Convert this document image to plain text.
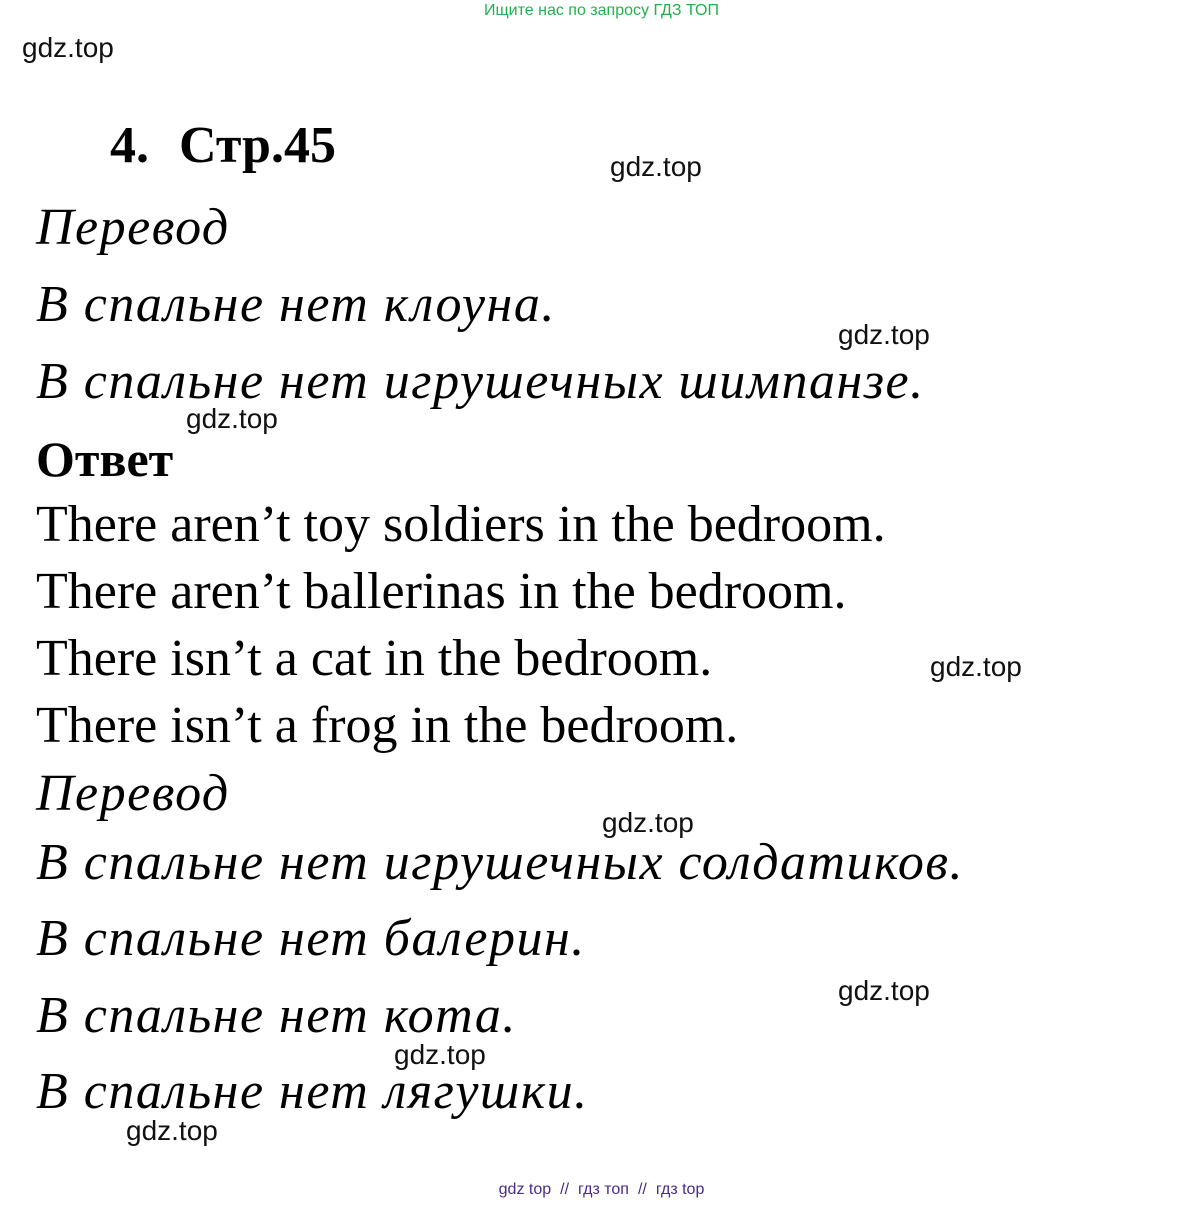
Ищите нас по запросу ГДЗ ТОП
gdz.top
gdz.top
gdz.top
gdz.top
gdz.top
gdz.top
gdz.top
gdz.top
gdz.top
4. Стр.45
Перевод
В спальне нет клоуна.
В спальне нет игрушечных шимпанзе.
Ответ
There aren’t toy soldiers in the bedroom.
There aren’t ballerinas in the bedroom.
There isn’t a cat in the bedroom.
There isn’t a frog in the bedroom.
Перевод
В спальне нет игрушечных солдатиков.
В спальне нет балерин.
В спальне нет кота.
В спальне нет лягушки.
gdz top // гдз топ // гдз top
